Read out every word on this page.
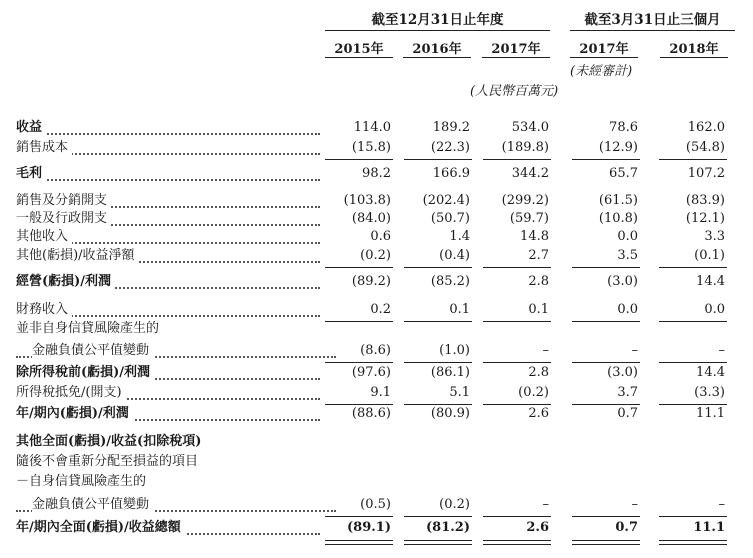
截至12月31日止年度	截至3月31日止三個月
2015年	2016年	2017年	2017年	2018年
(未經審計)
(人民幣百萬元)
收益	114.0	189.2	534.0	78.6	162.0
銷售成本	(15.8)	(22.3)	(189.8)	(12.9)	(54.8)
毛利	98.2	166.9	344.2	65.7	107.2
銷售及分銷開支	(103.8)	(202.4)	(299.2)	(61.5)	(83.9)
一般及行政開支	(84.0)	(50.7)	(59.7)	(10.8)	(12.1)
其他收入	0.6	1.4	14.8	0.0	3.3
其他(虧損)/收益淨額	(0.2)	(0.4)	2.7	3.5	(0.1)
經營(虧損)/利潤	(89.2)	(85.2)	2.8	(3.0)	14.4
財務收入	0.2	0.1	0.1	0.0	0.0
並非自身信貸風險產生的
金融負債公平值變動	(8.6)	(1.0)	–	–	–
除所得稅前(虧損)/利潤	(97.6)	(86.1)	2.8	(3.0)	14.4
所得稅抵免/(開支)	9.1	5.1	(0.2)	3.7	(3.3)
年/期內(虧損)/利潤	(88.6)	(80.9)	2.6	0.7	11.1
其他全面(虧損)/收益(扣除稅項)
隨後不會重新分配至損益的項目
－自身信貸風險產生的
金融負債公平值變動	(0.5)	(0.2)	–	–	–
年/期內全面(虧損)/收益總額	(89.1)	(81.2)	2.6	0.7	11.1
